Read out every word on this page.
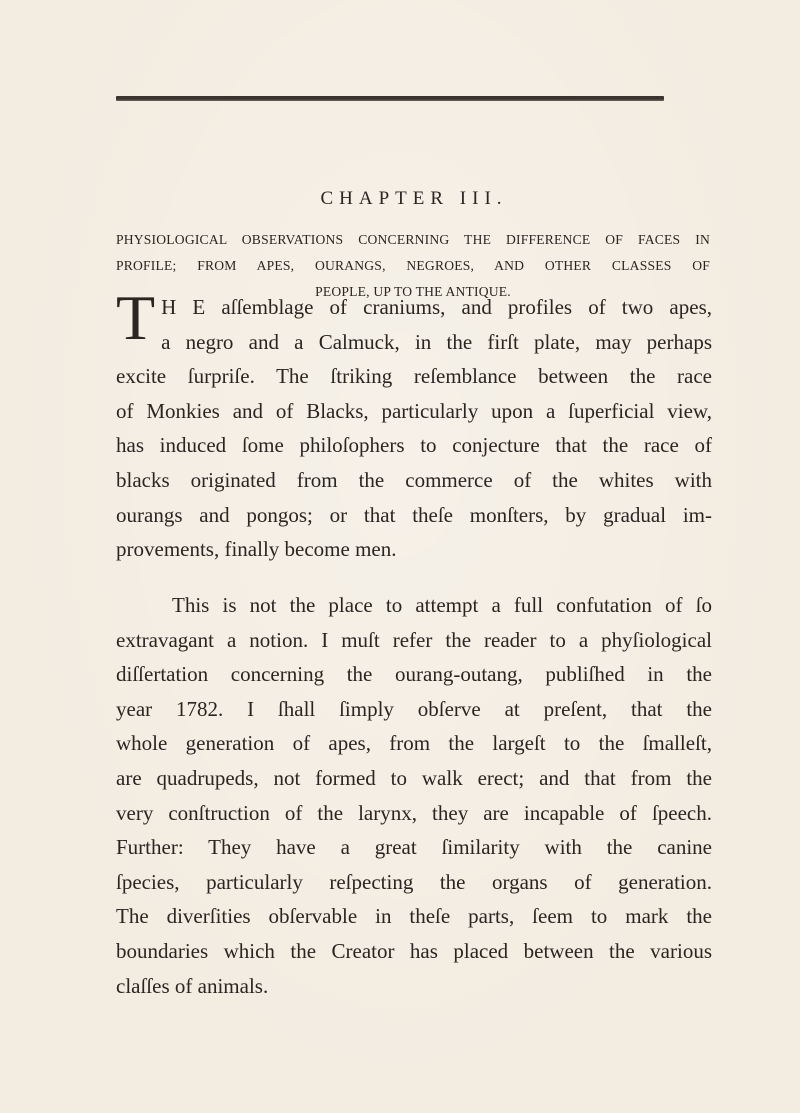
CHAPTER III.
PHYSIOLOGICAL OBSERVATIONS CONCERNING THE DIFFERENCE OF FACES IN
PROFILE; FROM APES, OURANGS, NEGROES, AND OTHER CLASSES OF
PEOPLE, UP TO THE ANTIQUE.
T H E aſſemblage of craniums, and profiles of two apes,
a negro and a Calmuck, in the firſt plate, may perhaps
excite ſurpriſe. The ſtriking reſemblance between the race
of Monkies and of Blacks, particularly upon a ſuperficial view,
has induced ſome philoſophers to conjecture that the race of
blacks originated from the commerce of the whites with
ourangs and pongos; or that theſe monſters, by gradual im-
provements, finally become men.
This is not the place to attempt a full confutation of ſo
extravagant a notion. I muſt refer the reader to a phyſiological
diſſertation concerning the ourang-outang, publiſhed in the
year 1782. I ſhall ſimply obſerve at preſent, that the
whole generation of apes, from the largeſt to the ſmalleſt,
are quadrupeds, not formed to walk erect; and that from the
very conſtruction of the larynx, they are incapable of ſpeech.
Further: They have a great ſimilarity with the canine
ſpecies, particularly reſpecting the organs of generation.
The diverſities obſervable in theſe parts, ſeem to mark the
boundaries which the Creator has placed between the various
claſſes of animals.
